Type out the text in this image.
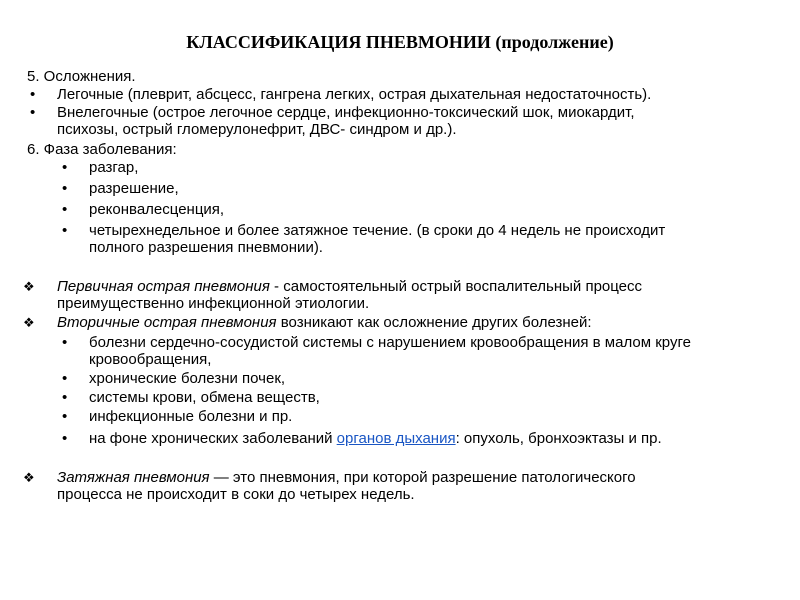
КЛАССИФИКАЦИЯ ПНЕВМОНИИ (продолжение)
5. Осложнения.
• Легочные (плеврит, абсцесс, гангрена легких, острая дыхательная недостаточность).
• Внелегочные (острое легочное сердце, инфекционно-токсический шок, миокардит,
психозы, острый гломерулонефрит, ДВС- синдром и др.).
6. Фаза заболевания:
• разгар,
• разрешение,
• реконвалесценция,
• четырехнедельное и более затяжное течение. (в сроки до 4 недель не происходит
полного разрешения пневмонии).
❖ Первичная острая пневмония - самостоятельный острый воспалительный процесс
преимущественно инфекционной этиологии.
❖ Вторичные острая пневмония возникают как осложнение других болезней:
• болезни сердечно-сосудистой системы с нарушением кровообращения в малом круге
кровообращения,
• хронические болезни почек,
• системы крови, обмена веществ,
• инфекционные болезни и пр.
• на фоне хронических заболеваний органов дыхания: опухоль, бронхоэктазы и пр.
❖ Затяжная пневмония — это пневмония, при которой разрешение патологического
процесса не происходит в соки до четырех недель.
